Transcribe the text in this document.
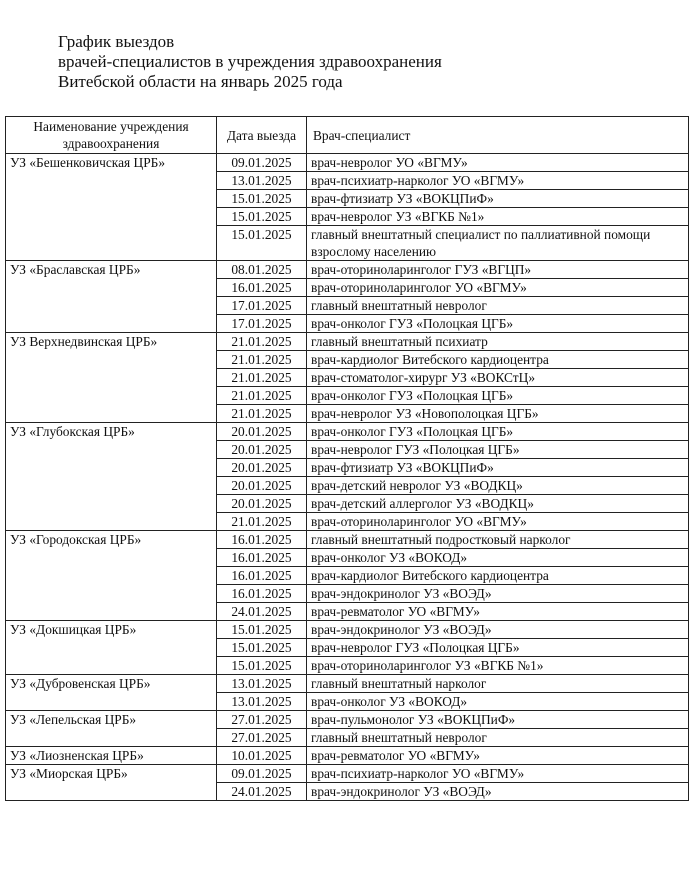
График выездов
врачей-специалистов в учреждения здравоохранения
Витебской области на январь 2025 года
Наименование учреждения здравоохранения	Дата выезда	Врач-специалист
УЗ «Бешенковичская ЦРБ»	09.01.2025	врач-невролог УО «ВГМУ»
	13.01.2025	врач-психиатр-нарколог УО «ВГМУ»
	15.01.2025	врач-фтизиатр УЗ «ВОКЦПиФ»
	15.01.2025	врач-невролог УЗ «ВГКБ №1»
	15.01.2025	главный внештатный специалист по паллиативной помощи взрослому населению
УЗ «Браславская ЦРБ»	08.01.2025	врач-оториноларинголог ГУЗ «ВГЦП»
	16.01.2025	врач-оториноларинголог УО «ВГМУ»
	17.01.2025	главный внештатный невролог
	17.01.2025	врач-онколог ГУЗ «Полоцкая ЦГБ»
УЗ Верхнедвинская ЦРБ»	21.01.2025	главный внештатный психиатр
	21.01.2025	врач-кардиолог Витебского кардиоцентра
	21.01.2025	врач-стоматолог-хирург УЗ «ВОКСтЦ»
	21.01.2025	врач-онколог ГУЗ «Полоцкая ЦГБ»
	21.01.2025	врач-невролог УЗ «Новополоцкая ЦГБ»
УЗ «Глубокская ЦРБ»	20.01.2025	врач-онколог ГУЗ «Полоцкая ЦГБ»
	20.01.2025	врач-невролог ГУЗ «Полоцкая ЦГБ»
	20.01.2025	врач-фтизиатр УЗ «ВОКЦПиФ»
	20.01.2025	врач-детский невролог УЗ «ВОДКЦ»
	20.01.2025	врач-детский аллерголог УЗ «ВОДКЦ»
	21.01.2025	врач-оториноларинголог УО «ВГМУ»
УЗ «Городокская ЦРБ»	16.01.2025	главный внештатный подростковый нарколог
	16.01.2025	врач-онколог УЗ «ВОКОД»
	16.01.2025	врач-кардиолог Витебского кардиоцентра
	16.01.2025	врач-эндокринолог УЗ «ВОЭД»
	24.01.2025	врач-ревматолог УО «ВГМУ»
УЗ «Докшицкая ЦРБ»	15.01.2025	врач-эндокринолог УЗ «ВОЭД»
	15.01.2025	врач-невролог ГУЗ «Полоцкая ЦГБ»
	15.01.2025	врач-оториноларинголог УЗ «ВГКБ №1»
УЗ «Дубровенская ЦРБ»	13.01.2025	главный внештатный нарколог
	13.01.2025	врач-онколог УЗ «ВОКОД»
УЗ «Лепельская ЦРБ»	27.01.2025	врач-пульмонолог УЗ «ВОКЦПиФ»
	27.01.2025	главный внештатный невролог
УЗ «Лиозненская ЦРБ»	10.01.2025	врач-ревматолог УО «ВГМУ»
УЗ «Миорская ЦРБ»	09.01.2025	врач-психиатр-нарколог УО «ВГМУ»
	24.01.2025	врач-эндокринолог УЗ «ВОЭД»
